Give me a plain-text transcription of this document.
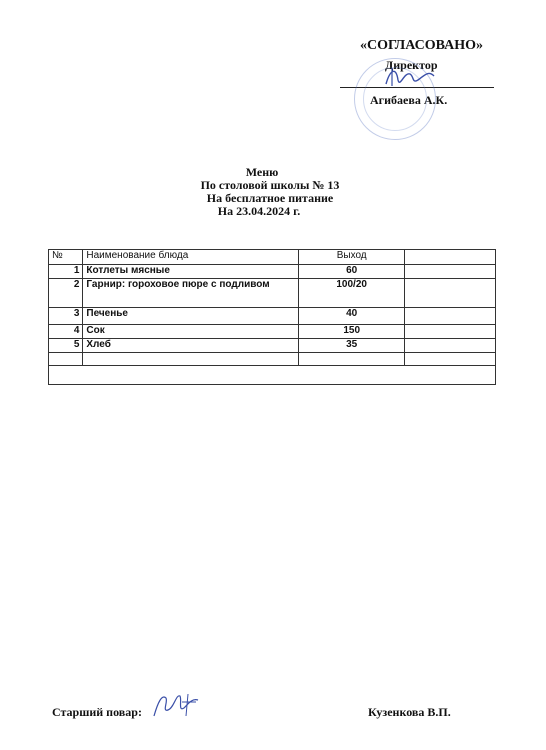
«СОГЛАСОВАНО»
Директор
Агибаева А.К.
Меню
По столовой школы № 13
На бесплатное питание
На 23.04.2024 г.
№	Наименование блюда	Выход	
1	Котлеты мясные	60	
2	Гарнир: гороховое пюре с подливом	100/20	
3	Печенье	40	
4	Сок	150	
5	Хлеб	35	

Старший повар:	Кузенкова В.П.
